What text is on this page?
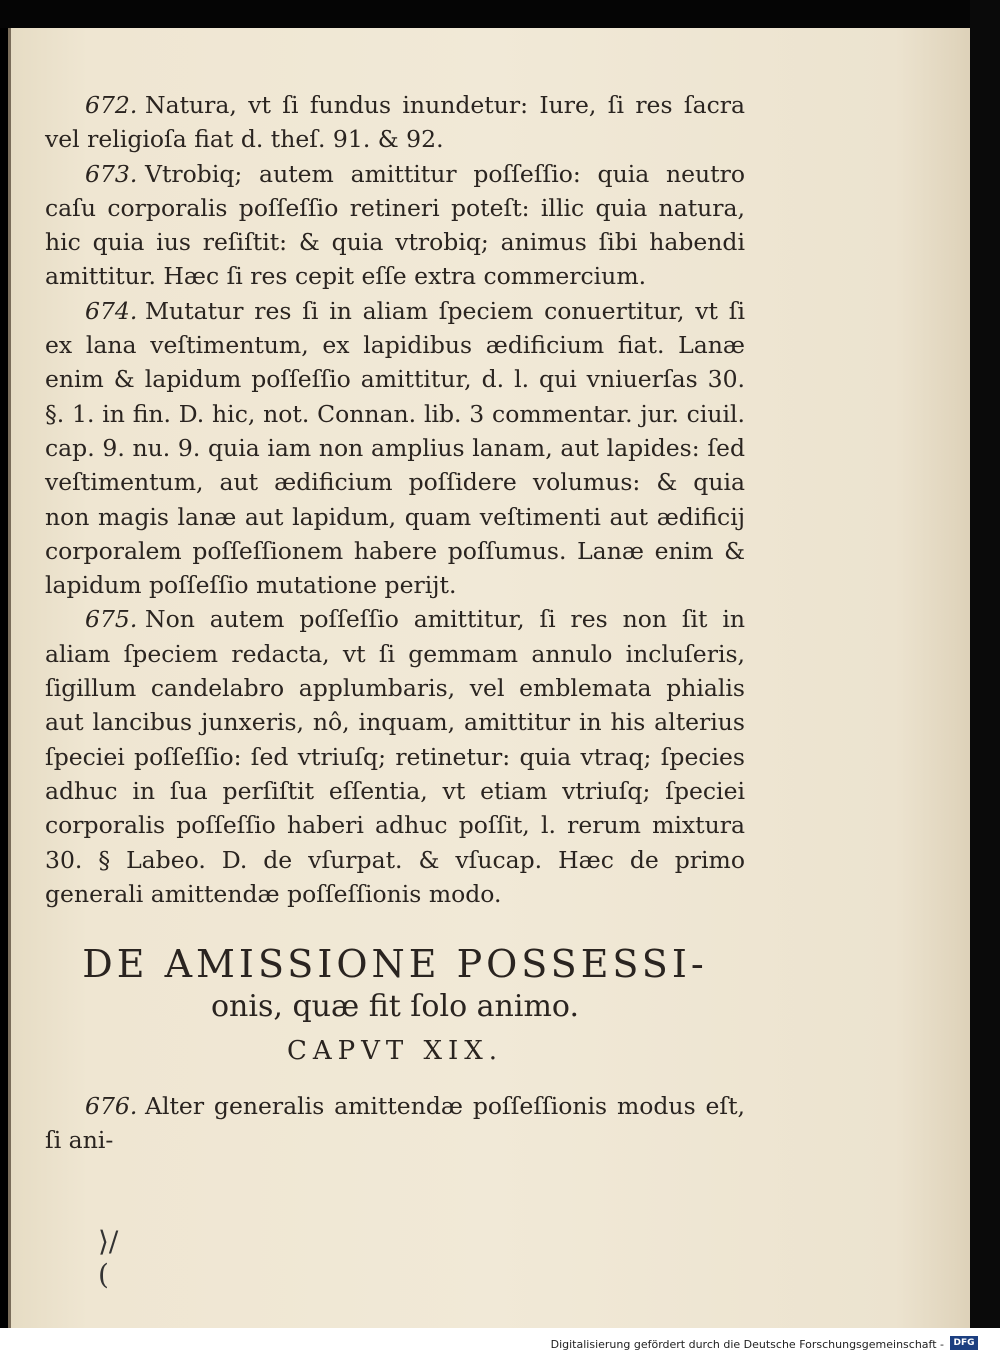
672. Natura, vt ſi fundus inundetur: Iure, ſi res ſacra vel religioſa fiat d. theſ. 91. & 92.

673. Vtrobiq; autem amittitur poſſeſſio: quia neutro caſu corporalis poſſeſſio retineri poteſt: illic quia natura, hic quia ius reſiſtit: & quia vtrobiq; animus ſibi habendi amittitur. Hæc ſi res cepit eſſe extra commercium.

674. Mutatur res ſi in aliam ſpeciem conuertitur, vt ſi ex lana veſtimentum, ex lapidibus ædificium fiat. Lanæ enim & lapidum poſſeſſio amittitur, d. l. qui vniuerſas 30. §. 1. in fin. D. hic, not. Connan. lib. 3 commentar. jur. ciuil. cap. 9. nu. 9. quia iam non amplius lanam, aut lapides: ſed veſtimentum, aut ædificium poſſidere volumus: & quia non magis lanæ aut lapidum, quam veſtimenti aut ædificij corporalem poſſeſſionem habere poſſumus. Lanæ enim & lapidum poſſeſſio mutatione perijt.

675. Non autem poſſeſſio amittitur, ſi res non ſit in aliam ſpeciem redacta, vt ſi gemmam annulo incluſeris, ſigillum candelabro applumbaris, vel emblemata phialis aut lancibus junxeris, nô, inquam, amittitur in his alterius ſpeciei poſſeſſio: ſed vtriuſq; retinetur: quia vtraq; ſpecies adhuc in ſua perſiſtit eſſentia, vt etiam vtriuſq; ſpeciei corporalis poſſeſſio haberi adhuc poſſit, l. rerum mixtura 30. § Labeo. D. de vſurpat. & vſucap. Hæc de primo generali amittendæ poſſeſſionis modo.

DE AMISSIONE POSSESSI-

onis, quæ fit ſolo animo.

CAPVT XIX.

676. Alter generalis amittendæ poſſeſſionis modus eſt, ſi ani-

⟩/
(
Digitalisierung gefördert durch die Deutsche Forschungsgemeinschaft -	DFG
